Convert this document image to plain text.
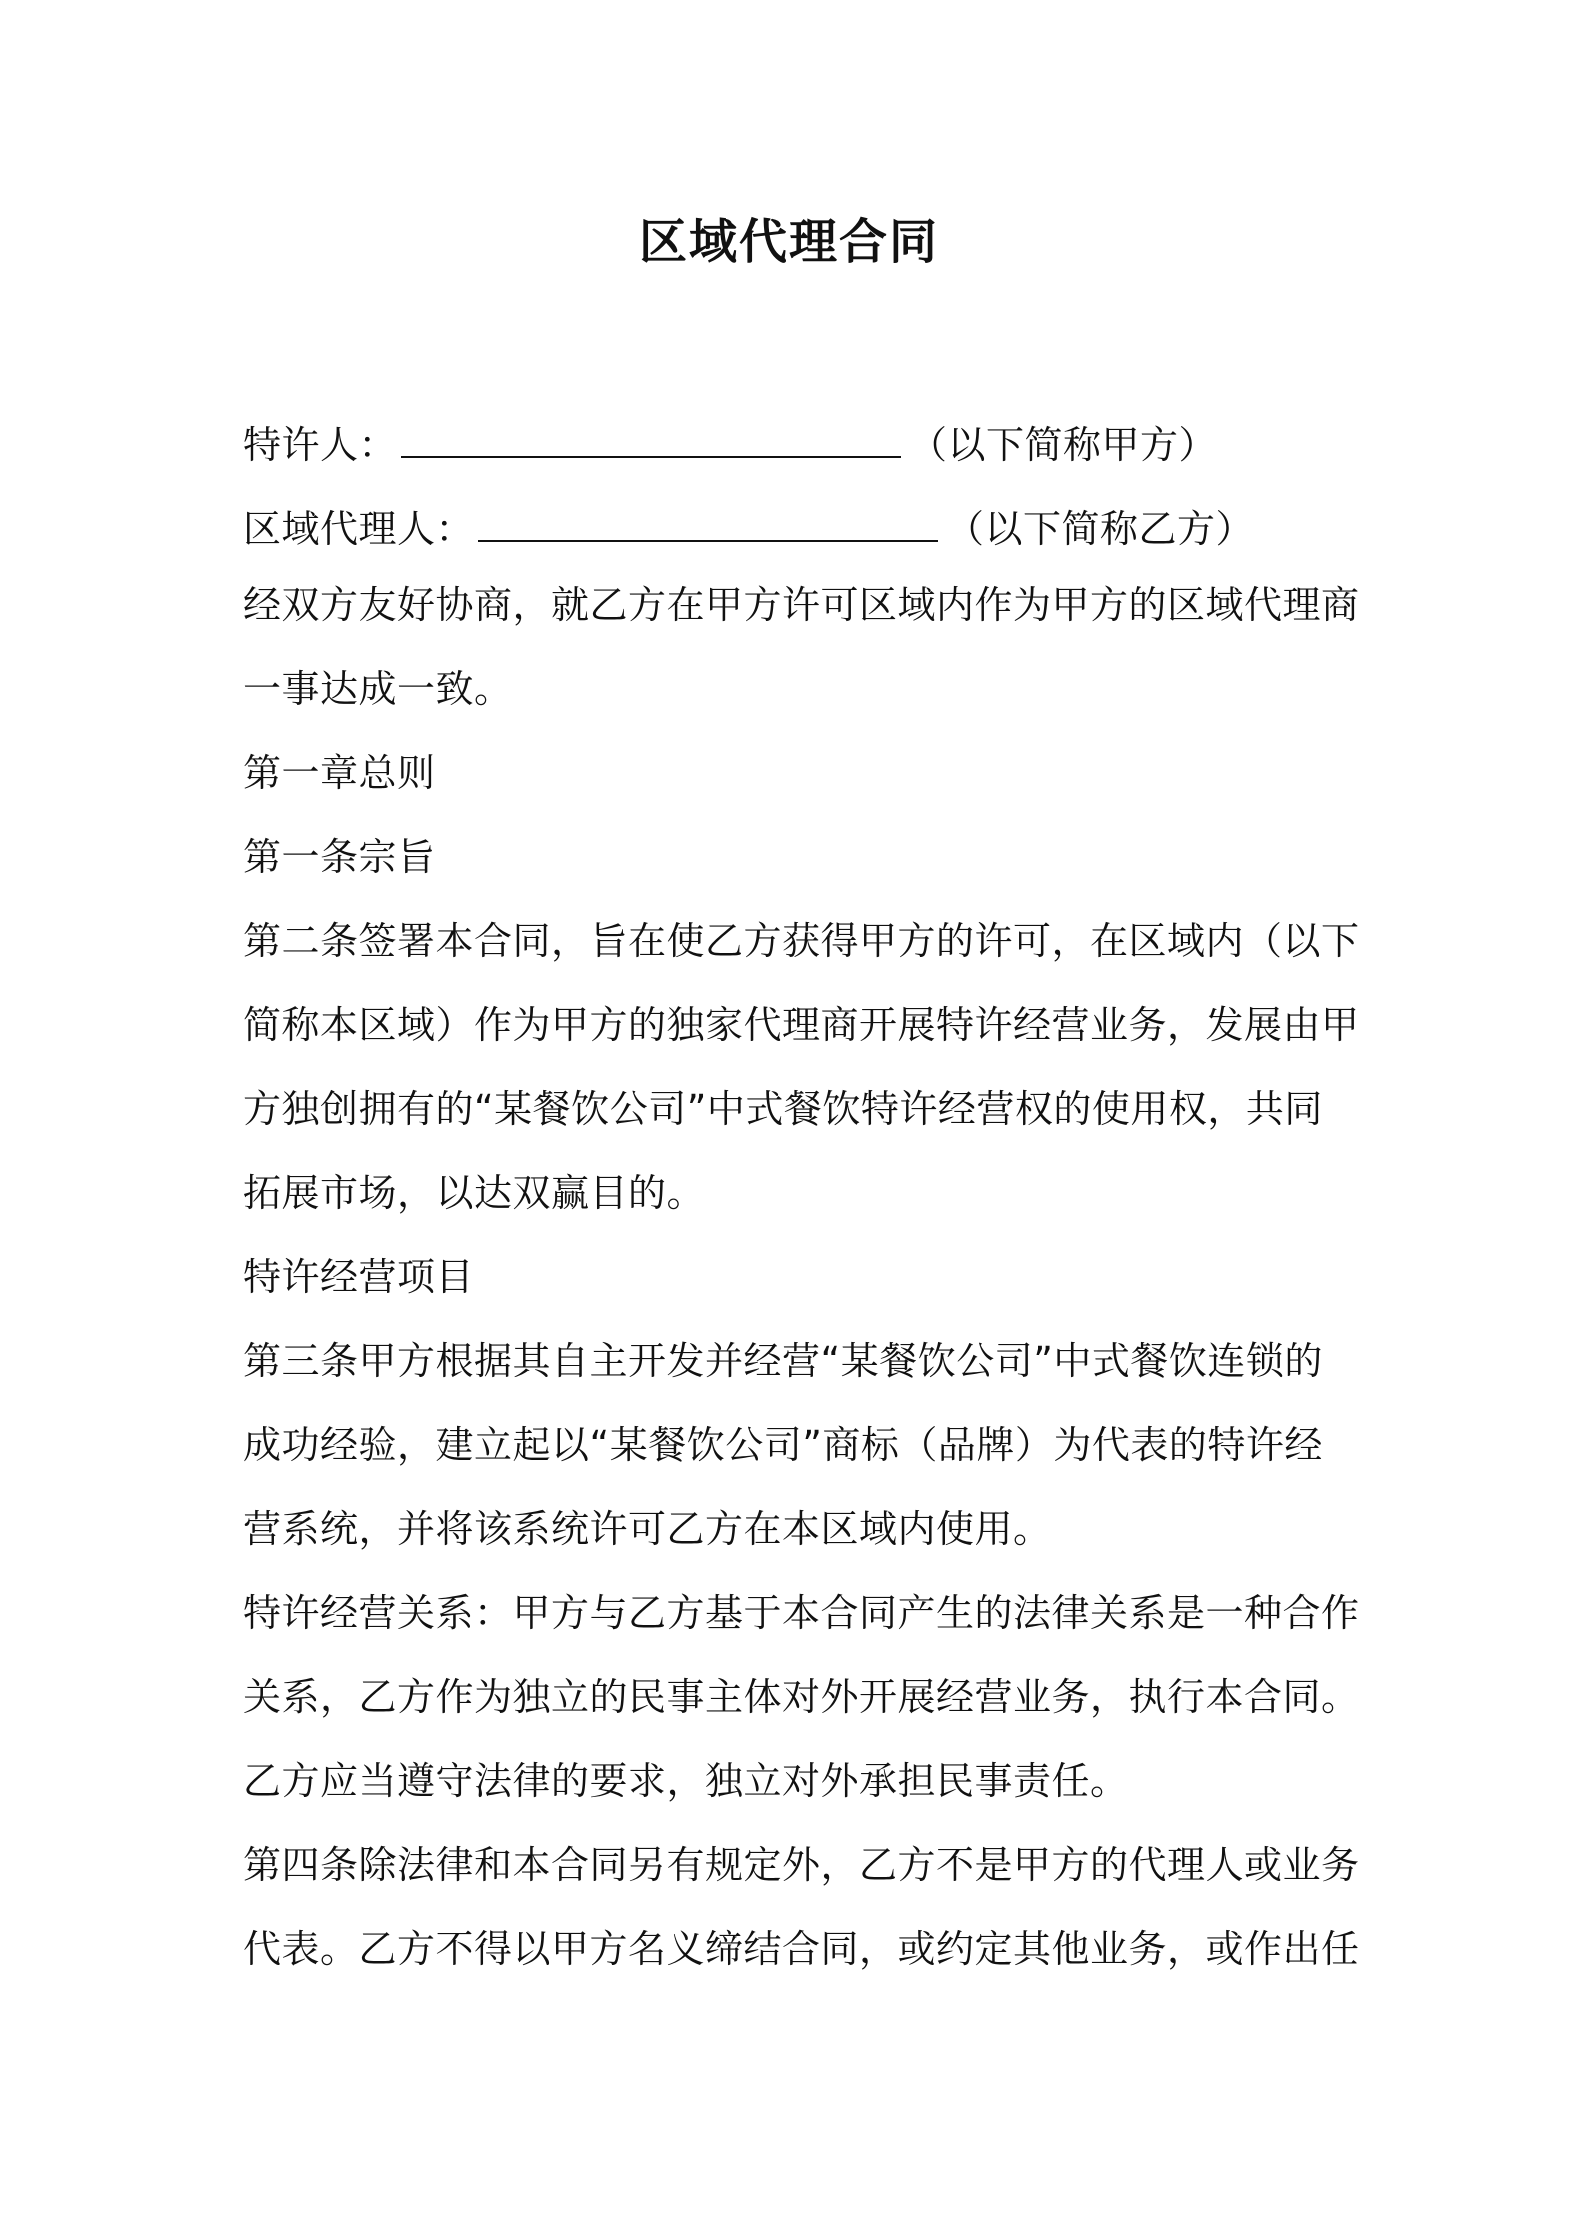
区域代理合同
特许人：	（以下简称甲方）
区域代理人：	（以下简称乙方）
经双方友好协商，就乙方在甲方许可区域内作为甲方的区域代理商
一事达成一致。
第一章总则
第一条宗旨
第二条签署本合同，旨在使乙方获得甲方的许可，在区域内（以下
简称本区域）作为甲方的独家代理商开展特许经营业务，发展由甲
方独创拥有的“某餐饮公司”中式餐饮特许经营权的使用权，共同
拓展市场，以达双赢目的。
特许经营项目
第三条甲方根据其自主开发并经营“某餐饮公司”中式餐饮连锁的
成功经验，建立起以“某餐饮公司”商标（品牌）为代表的特许经
营系统，并将该系统许可乙方在本区域内使用。
特许经营关系：甲方与乙方基于本合同产生的法律关系是一种合作
关系，乙方作为独立的民事主体对外开展经营业务，执行本合同。
乙方应当遵守法律的要求，独立对外承担民事责任。
第四条除法律和本合同另有规定外，乙方不是甲方的代理人或业务
代表。乙方不得以甲方名义缔结合同，或约定其他业务，或作出任
